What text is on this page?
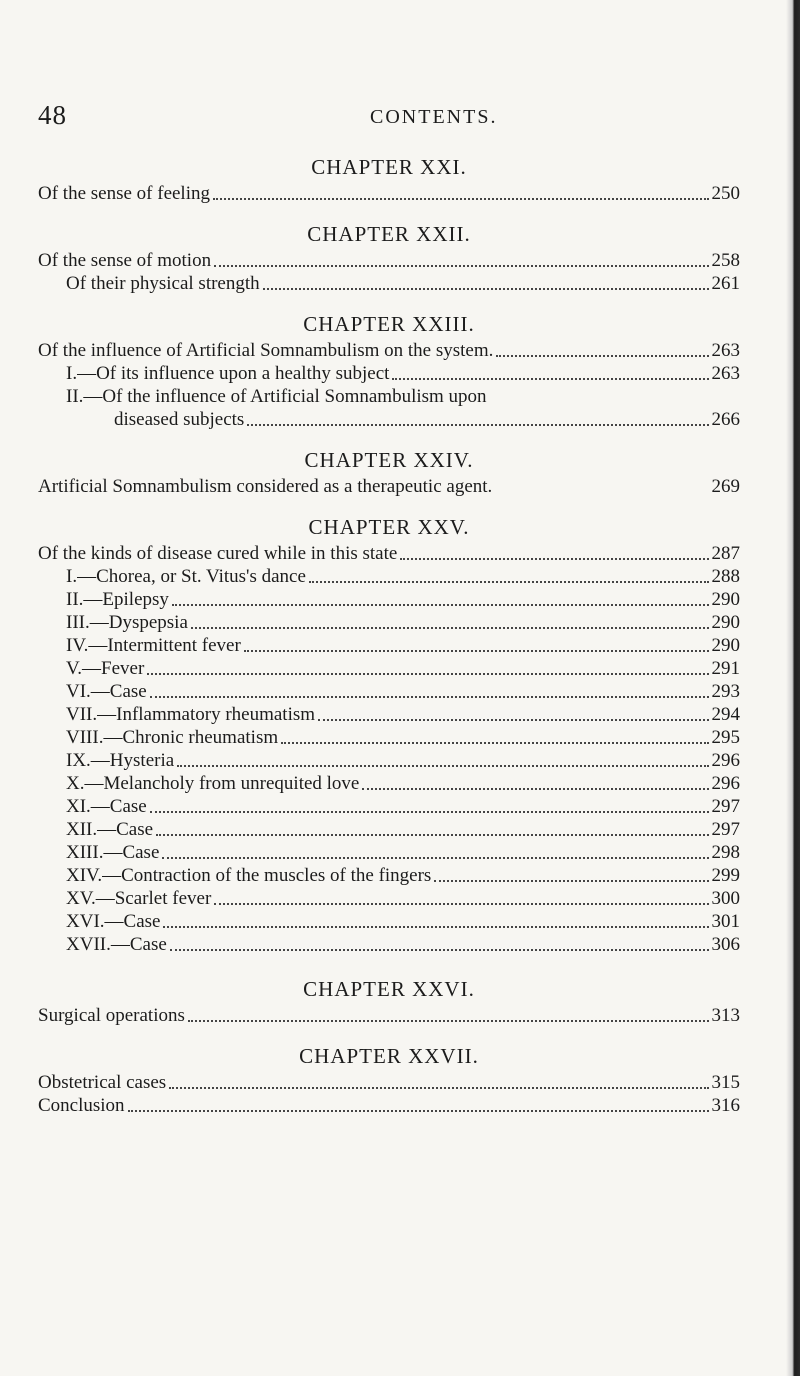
48	CONTENTS.

CHAPTER XXI.

Of the sense of feeling	250

CHAPTER XXII.

Of the sense of motion	258
Of their physical strength	261

CHAPTER XXIII.

Of the influence of Artificial Somnambulism on the system.	263
I.—Of its influence upon a healthy subject	263
II.—Of the influence of Artificial Somnambulism upon
diseased subjects	266

CHAPTER XXIV.

Artificial Somnambulism considered as a therapeutic agent.	269

CHAPTER XXV.

Of the kinds of disease cured while in this state	287
I.—Chorea, or St. Vitus's dance	288
II.—Epilepsy	290
III.—Dyspepsia	290
IV.—Intermittent fever	290
V.—Fever	291
VI.—Case	293
VII.—Inflammatory rheumatism	294
VIII.—Chronic rheumatism	295
IX.—Hysteria	296
X.—Melancholy from unrequited love	296
XI.—Case	297
XII.—Case	297
XIII.—Case	298
XIV.—Contraction of the muscles of the fingers	299
XV.—Scarlet fever	300
XVI.—Case	301
XVII.—Case	306

CHAPTER XXVI.

Surgical operations	313

CHAPTER XXVII.

Obstetrical cases	315
Conclusion	316
